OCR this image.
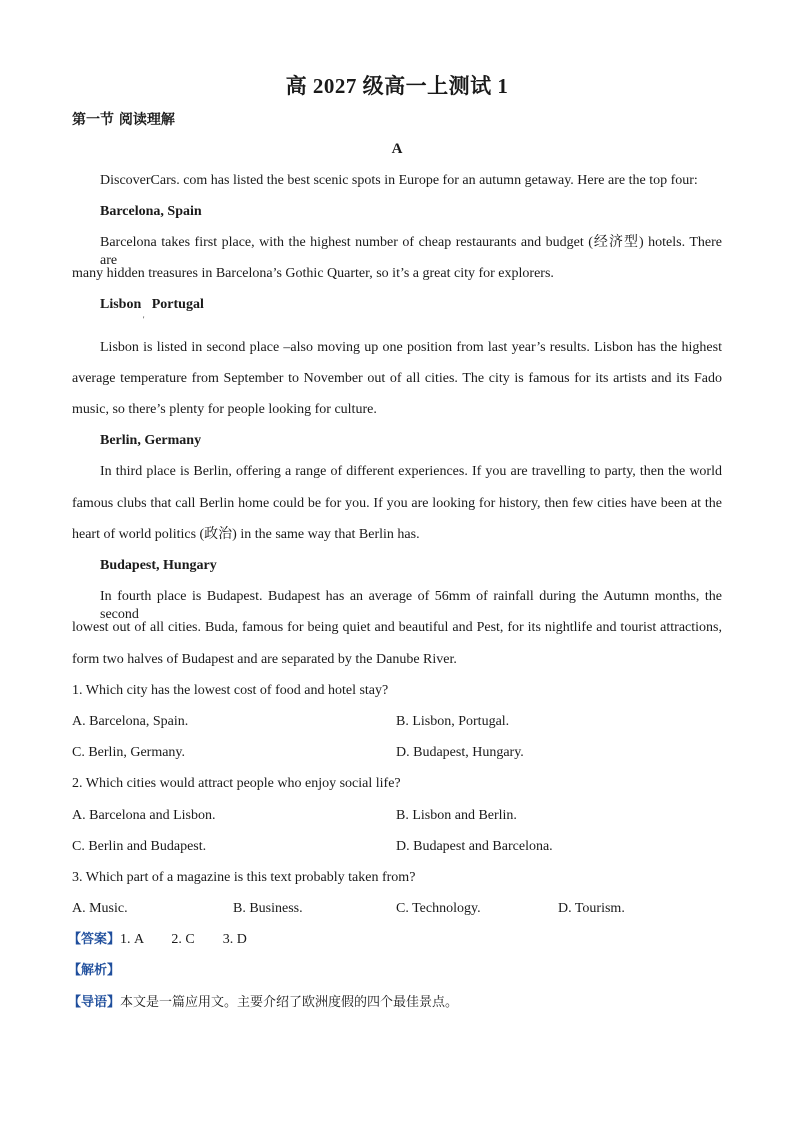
高 2027 级高一上测试 1
第一节 阅读理解
A
DiscoverCars. com has listed the best scenic spots in Europe for an autumn getaway. Here are the top four:
Barcelona, Spain
Barcelona takes first place, with the highest number of cheap restaurants and budget (经济型) hotels. There are
many hidden treasures in Barcelona’s Gothic Quarter, so it’s a great city for explorers.
Lisbon   Portugal
'
Lisbon is listed in second place –also moving up one position from last year’s results. Lisbon has the highest
average temperature from September to November out of all cities. The city is famous for its artists and its Fado
music, so there’s plenty for people looking for culture.
Berlin, Germany
In third place is Berlin, offering a range of different experiences. If you are travelling to party, then the world
famous clubs that call Berlin home could be for you. If you are looking for history, then few cities have been at the
heart of world politics (政治) in the same way that Berlin has.
Budapest, Hungary
In fourth place is Budapest. Budapest has an average of 56mm of rainfall during the Autumn months, the second
lowest out of all cities. Buda, famous for being quiet and beautiful and Pest, for its nightlife and tourist attractions,
form two halves of Budapest and are separated by the Danube River.
1. Which city has the lowest cost of food and hotel stay?
A. Barcelona, Spain.	B. Lisbon, Portugal.
C. Berlin, Germany.	D. Budapest, Hungary.
2. Which cities would attract people who enjoy social life?
A. Barcelona and Lisbon.	B. Lisbon and Berlin.
C. Berlin and Budapest.	D. Budapest and Barcelona.
3. Which part of a magazine is this text probably taken from?
A. Music.	B. Business.	C. Technology.	D. Tourism.
【答案】1. A        2. C        3. D
【解析】
【导语】本文是一篇应用文。主要介绍了欧洲度假的四个最佳景点。
